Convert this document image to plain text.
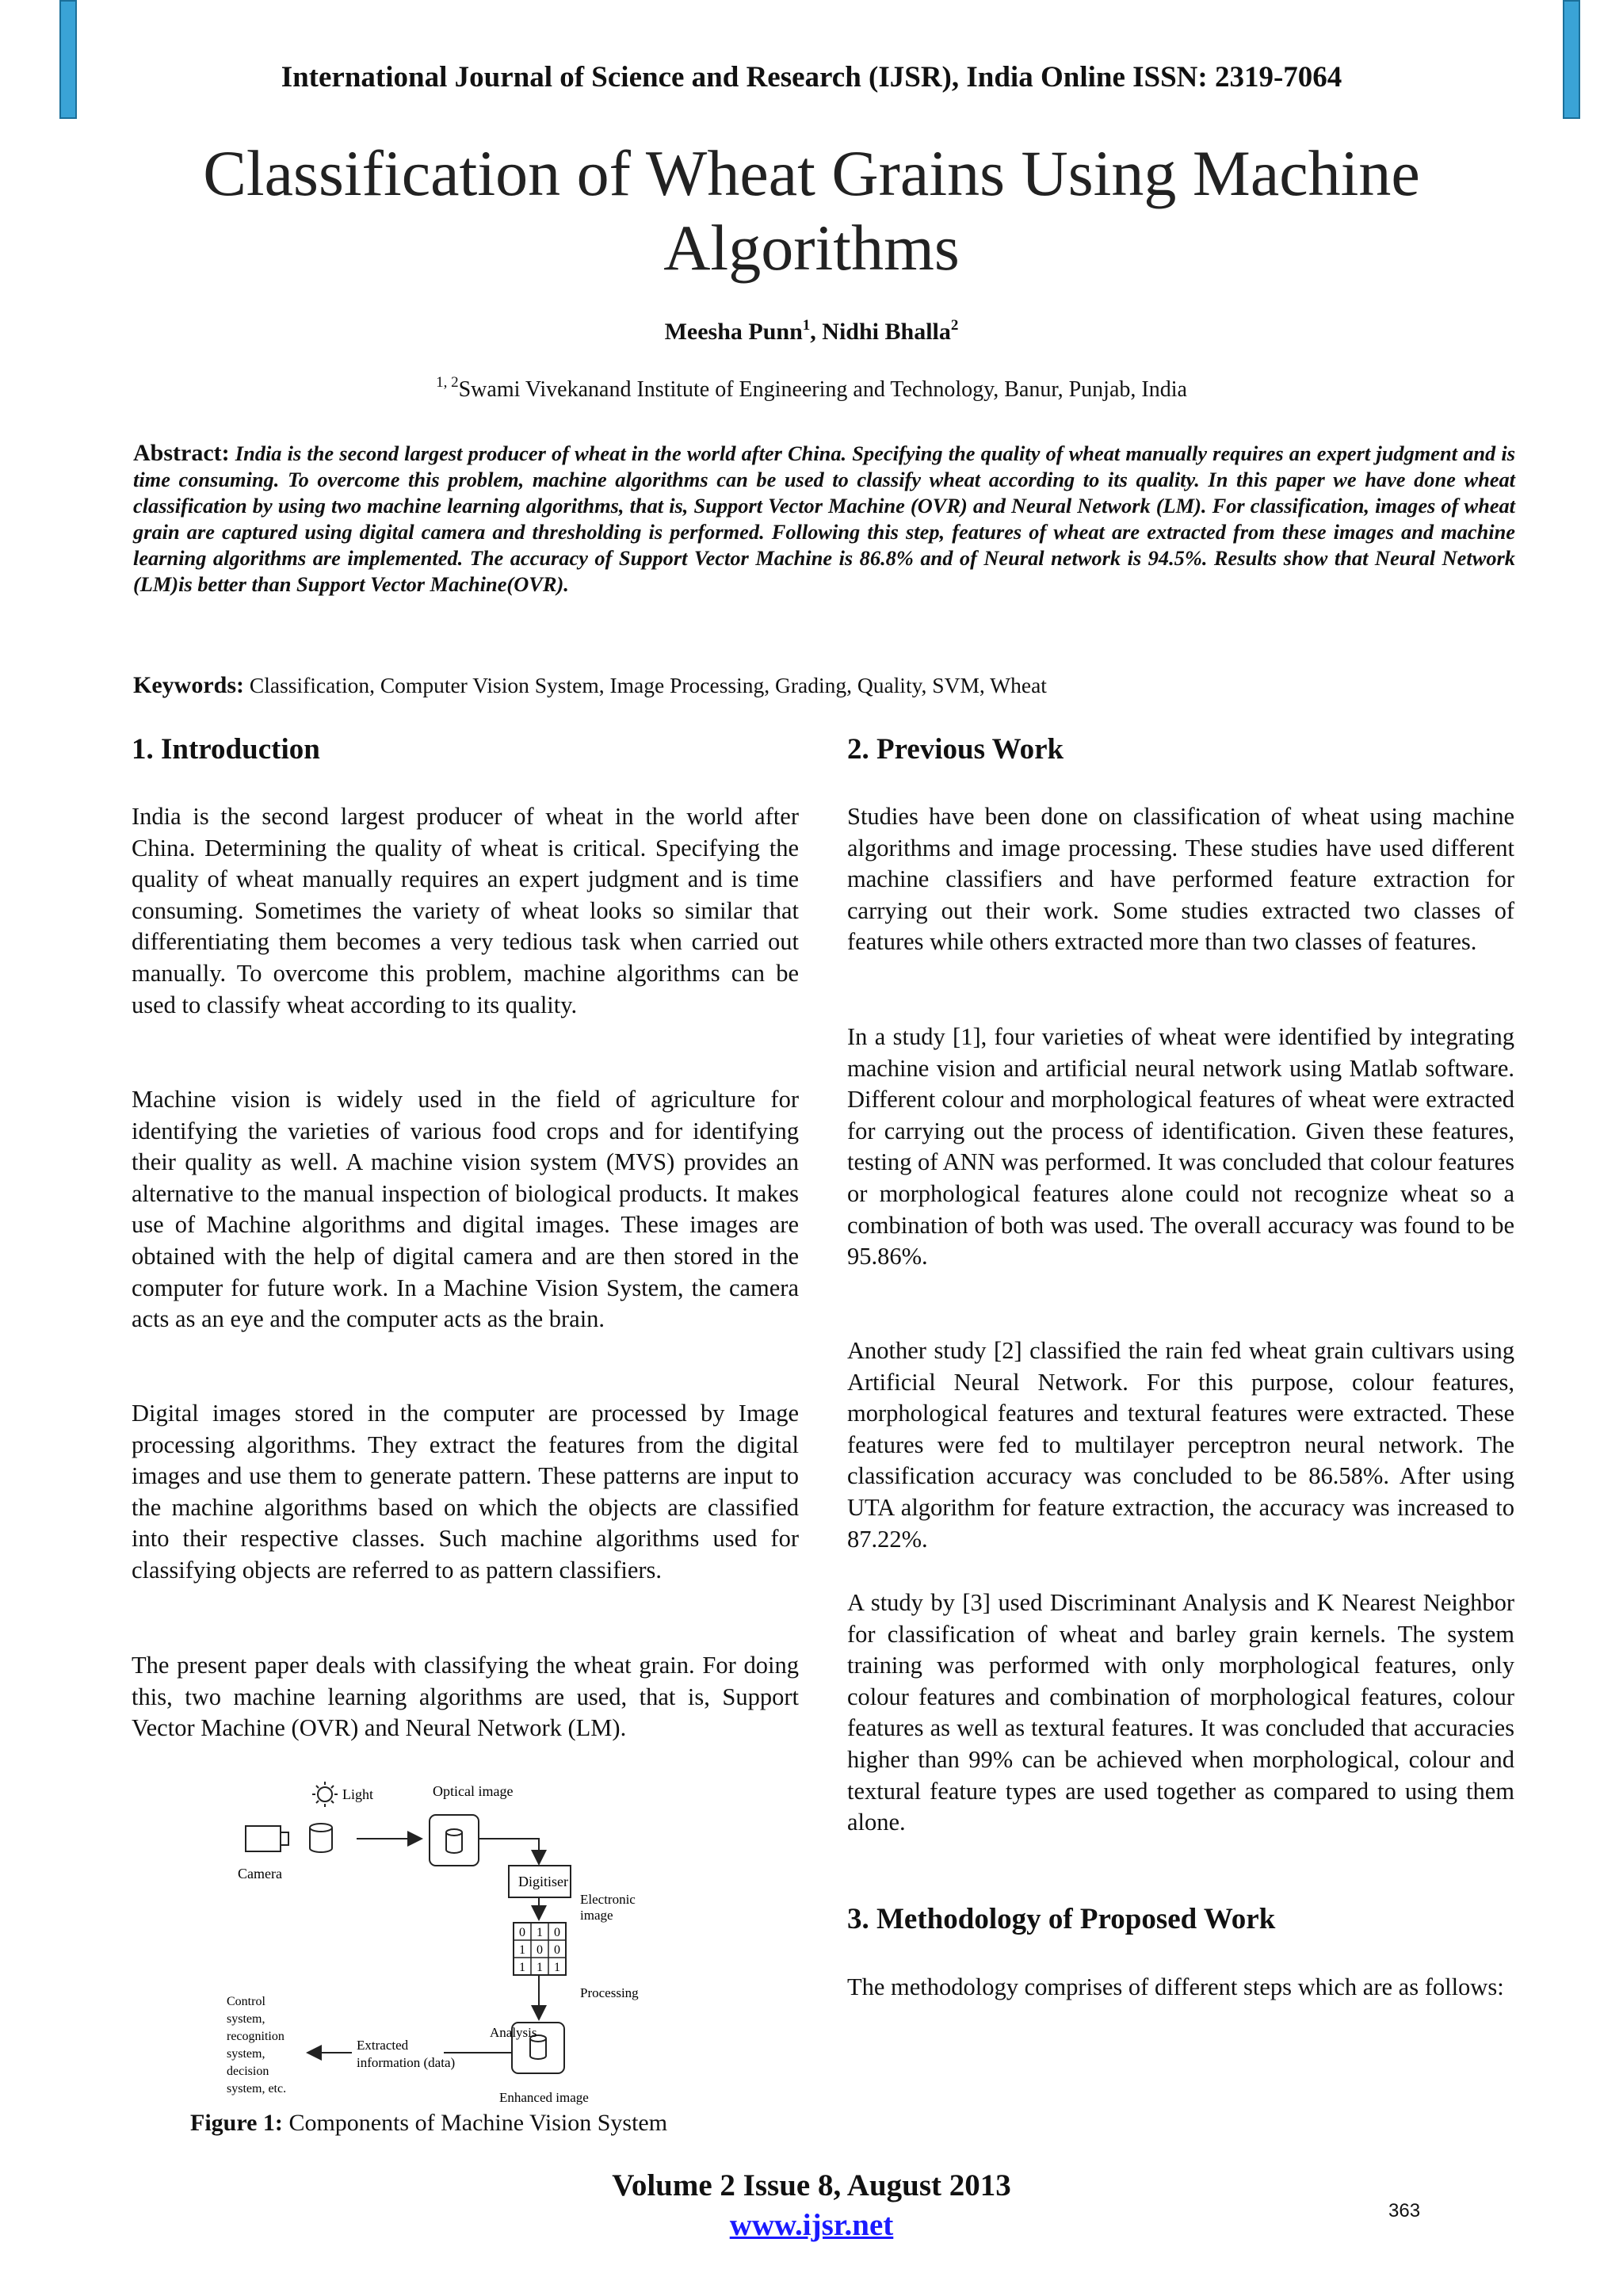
International Journal of Science and Research (IJSR), India Online ISSN: 2319-7064
Classification of Wheat Grains Using Machine
Algorithms
Meesha Punn$^1$, Nidhi Bhalla$^2$
$^{1, 2}$Swami Vivekanand Institute of Engineering and Technology, Banur, Punjab, India
Abstract: India is the second largest producer of wheat in the world after China. Specifying the quality of wheat manually requires an expert judgment and is time consuming. To overcome this problem, machine algorithms can be used to classify wheat according to its quality. In this paper we have done wheat classification by using two machine learning algorithms, that is, Support Vector Machine (OVR) and Neural Network (LM). For classification, images of wheat grain are captured using digital camera and thresholding is performed. Following this step, features of wheat are extracted from these images and machine learning algorithms are implemented. The accuracy of Support Vector Machine is 86.8% and of Neural network is 94.5%. Results show that Neural Network (LM)is better than Support Vector Machine(OVR).
Keywords: Classification, Computer Vision System, Image Processing, Grading, Quality, SVM, Wheat
1. Introduction

India is the second largest producer of wheat in the world after China. Determining the quality of wheat is critical. Specifying the quality of wheat manually requires an expert judgment and is time consuming. Sometimes the variety of wheat looks so similar that differentiating them becomes a very tedious task when carried out manually. To overcome this problem, machine algorithms can be used to classify wheat according to its quality.

Machine vision is widely used in the field of agriculture for identifying the varieties of various food crops and for identifying their quality as well. A machine vision system (MVS) provides an alternative to the manual inspection of biological products. It makes use of Machine algorithms and digital images. These images are obtained with the help of digital camera and are then stored in the computer for future work. In a Machine Vision System, the camera acts as an eye and the computer acts as the brain.

Digital images stored in the computer are processed by Image processing algorithms. They extract the features from the digital images and use them to generate pattern. These patterns are input to the machine algorithms based on which the objects are classified into their respective classes. Such machine algorithms used for classifying objects are referred to as pattern classifiers.

The present paper deals with classifying the wheat grain. For doing this, two machine learning algorithms are used, that is, Support Vector Machine (OVR) and Neural Network (LM).

Light	Optical image
Camera	Digitiser
Electronic
image
0 1 0
1 0 0
1 1 1
Processing
Enhanced image
Analysis
Extracted
information (data)
Control
system,
recognition
system,
decision
system, etc.
Figure 1: Components of Machine Vision System
2. Previous Work

Studies have been done on classification of wheat using machine algorithms and image processing. These studies have used different machine classifiers and have performed feature extraction for carrying out their work. Some studies extracted two classes of features while others extracted more than two classes of features.

In a study [1], four varieties of wheat were identified by integrating machine vision and artificial neural network using Matlab software. Different colour and morphological features of wheat were extracted for carrying out the process of identification. Given these features, testing of ANN was performed. It was concluded that colour features or morphological features alone could not recognize wheat so a combination of both was used. The overall accuracy was found to be 95.86%.

Another study [2] classified the rain fed wheat grain cultivars using Artificial Neural Network. For this purpose, colour features, morphological features and textural features were extracted. These features were fed to multilayer perceptron neural network. The classification accuracy was concluded to be 86.58%. After using UTA algorithm for feature extraction, the accuracy was increased to 87.22%.

A study by [3] used Discriminant Analysis and K Nearest Neighbor for classification of wheat and barley grain kernels. The system training was performed with only morphological features, only colour features and combination of morphological features, colour features as well as textural features. It was concluded that accuracies higher than 99% can be achieved when morphological, colour and textural feature types are used together as compared to using them alone.

3. Methodology of Proposed Work

The methodology comprises of different steps which are as follows:

Volume 2 Issue 8, August 2013
www.ijsr.net	363
